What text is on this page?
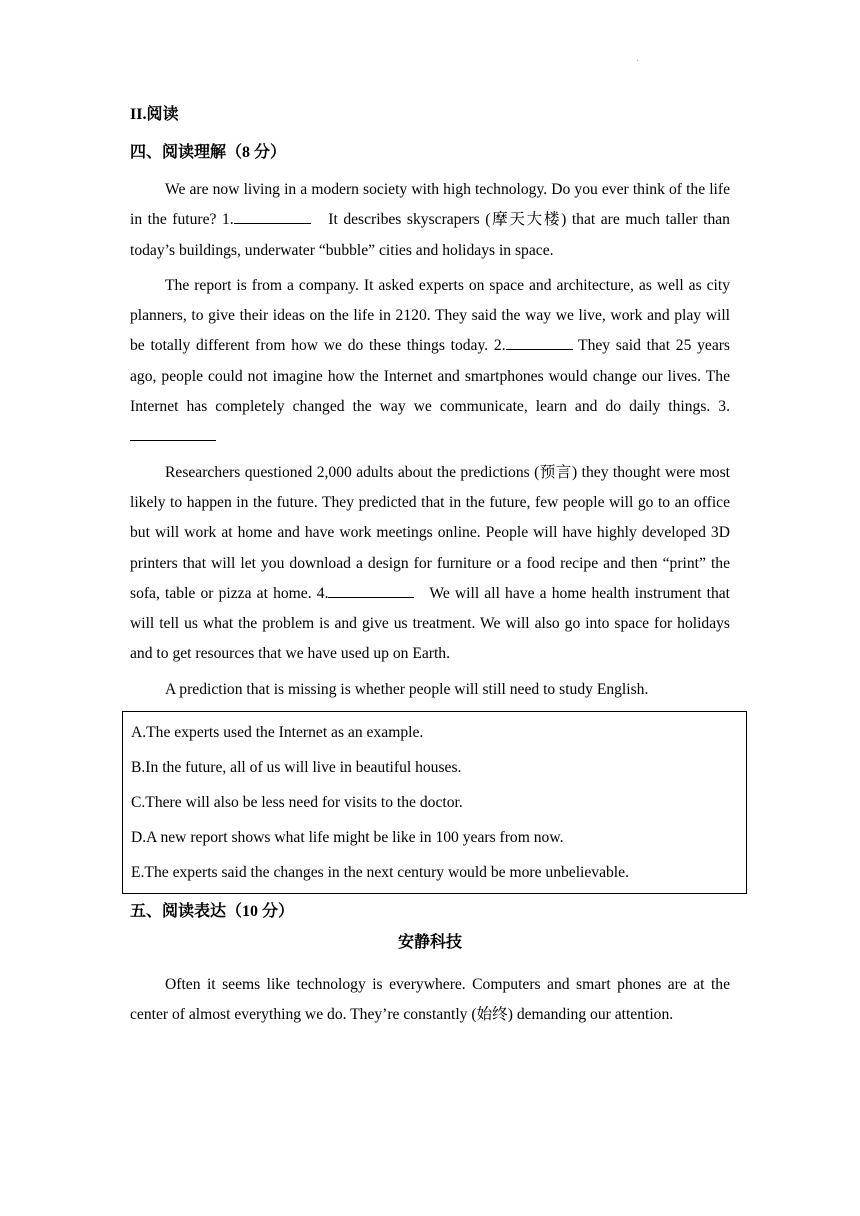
·
II.阅读
四、阅读理解（8 分）

We are now living in a modern society with high technology. Do you ever think of the life in the future? 1.	It describes skyscrapers (摩天大楼) that are much taller than today’s buildings, underwater “bubble” cities and holidays in space.

The report is from a company. It asked experts on space and architecture, as well as city planners, to give their ideas on the life in 2120. They said the way we live, work and play will be totally different from how we do these things today. 2.	They said that 25 years ago, people could not imagine how the Internet and smartphones would change our lives. The Internet has completely changed the way we communicate, learn and do daily things. 3.

Researchers questioned 2,000 adults about the predictions (预言) they thought were most likely to happen in the future. They predicted that in the future, few people will go to an office but will work at home and have work meetings online. People will have highly developed 3D printers that will let you download a design for furniture or a food recipe and then “print” the sofa, table or pizza at home. 4.	We will all have a home health instrument that will tell us what the problem is and give us treatment. We will also go into space for holidays and to get resources that we have used up on Earth.

A prediction that is missing is whether people will still need to study English.

A.The experts used the Internet as an example.
B.In the future, all of us will live in beautiful houses.
C.There will also be less need for visits to the doctor.
D.A new report shows what life might be like in 100 years from now.
E.The experts said the changes in the next century would be more unbelievable.
五、阅读表达（10 分）
安静科技

Often it seems like technology is everywhere. Computers and smart phones are at the center of almost everything we do. They’re constantly (始终) demanding our attention.
